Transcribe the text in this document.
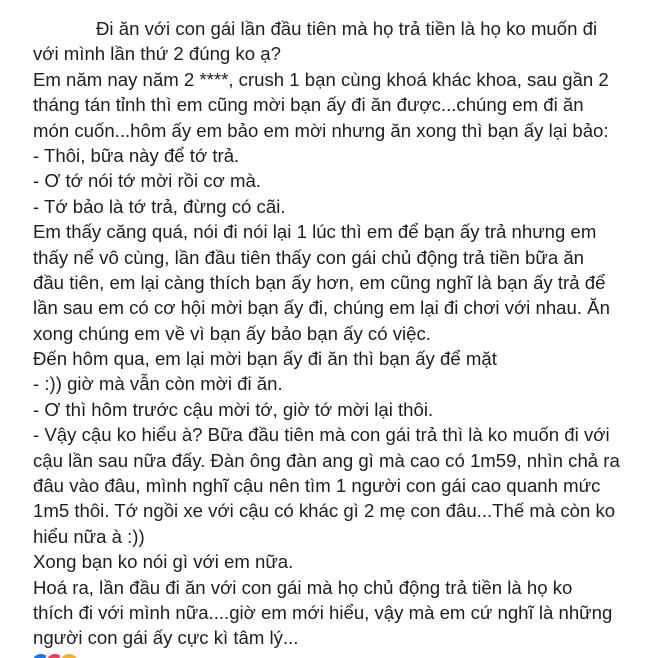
Đi ăn với con gái lần đầu tiên mà họ trả tiền là họ ko muốn đi
với mình lần thứ 2 đúng ko ạ?
Em năm nay năm 2 ****, crush 1 bạn cùng khoá khác khoa, sau gần 2
tháng tán tỉnh thì em cũng mời bạn ấy đi ăn được...chúng em đi ăn
món cuốn...hôm ấy em bảo em mời nhưng ăn xong thì bạn ấy lại bảo:
- Thôi, bữa này để tớ trả.
- Ơ tớ nói tớ mời rồi cơ mà.
- Tớ bảo là tớ trả, đừng có cãi.
Em thấy căng quá, nói đi nói lại 1 lúc thì em để bạn ấy trả nhưng em
thấy nể vô cùng, lần đầu tiên thấy con gái chủ động trả tiền bữa ăn
đầu tiên, em lại càng thích bạn ấy hơn, em cũng nghĩ là bạn ấy trả để
lần sau em có cơ hội mời bạn ấy đi, chúng em lại đi chơi với nhau. Ăn
xong chúng em về vì bạn ấy bảo bạn ấy có việc.
Đến hôm qua, em lại mời bạn ấy đi ăn thì bạn ấy để mặt
- :)) giờ mà vẫn còn mời đi ăn.
- Ơ thì hôm trước cậu mời tớ, giờ tớ mời lại thôi.
- Vậy cậu ko hiểu à? Bữa đầu tiên mà con gái trả thì là ko muốn đi với
cậu lần sau nữa đấy. Đàn ông đàn ang gì mà cao có 1m59, nhìn chả ra
đâu vào đâu, mình nghĩ cậu nên tìm 1 người con gái cao quanh mức
1m5 thôi. Tớ ngồi xe với cậu có khác gì 2 mẹ con đâu...Thế mà còn ko
hiểu nữa à :))
Xong bạn ko nói gì với em nữa.
Hoá ra, lần đầu đi ăn với con gái mà họ chủ động trả tiền là họ ko
thích đi với mình nữa....giờ em mới hiểu, vậy mà em cứ nghĩ là những
người con gái ấy cực kì tâm lý...
